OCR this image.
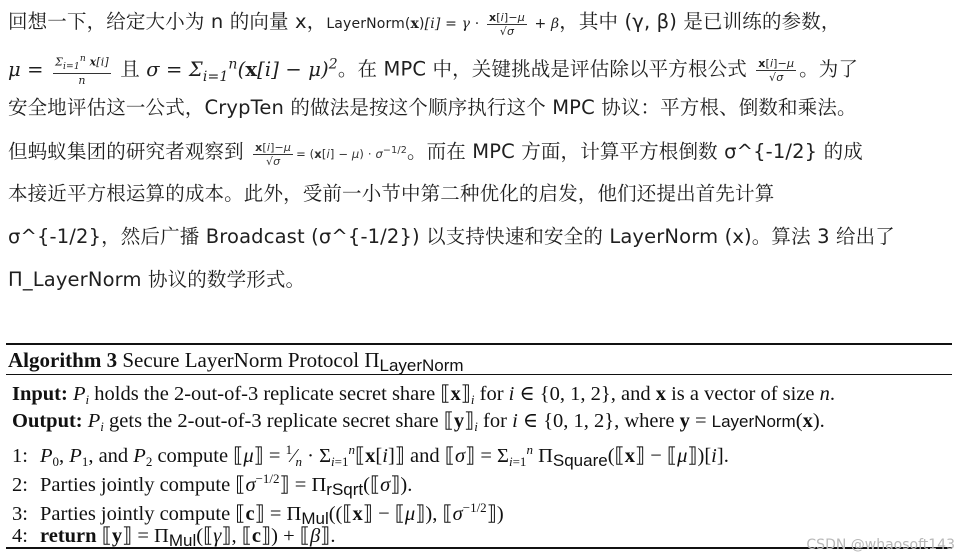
回想一下，给定大小为 n 的向量 x，LayerNorm(x)[i] = $\gamma \cdot \frac{x[i]-\mu}{√\sigma} + \beta$，其中 (γ, β) 是已训练的参数，
$\mu = \frac{\Sigma_{i=1}^n x[i]}{n}$ 且 $\sigma = \Sigma_{i=1}^n(x[i] - \mu)^2$。在 MPC 中，关键挑战是评估除以平方根公式 $\frac{x[i]-\mu}{√\sigma}$ 。为了
安全地评估这一公式，CrypTen 的做法是按这个顺序执行这个 MPC 协议：平方根、倒数和乘法。
但蚂蚁集团的研究者观察到 $\frac{x[i]-\mu}{√\sigma} = (x[i] - \mu) \cdot \sigma^{-1/2}$。而在 MPC 方面，计算平方根倒数 σ^{-1/2} 的成
本接近平方根运算的成本。此外，受前一小节中第二种优化的启发，他们还提出首先计算
σ^{-1/2}，然后广播 Broadcast (σ^{-1/2}) 以支持快速和安全的 LayerNorm (x)。算法 3 给出了
Π_LayerNorm 协议的数学形式。
Algorithm 3 Secure LayerNorm Protocol $\Pi_{LayerNorm}$
Input: $P_i$ holds the 2-out-of-3 replicate secret share $⟦x⟧_i$ for i ∈ {0, 1, 2}, and x is a vector of size n.
Output: $P_i$ gets the 2-out-of-3 replicate secret share $⟦y⟧_i$ for i ∈ {0, 1, 2}, where y = LayerNorm(x).
1: $P_0$, $P_1$, and $P_2$ compute ⟦μ⟧ = $^1⁄_n$ · $\Sigma_{i=1}^n⟦x[i]⟧$ and ⟦σ⟧ = $\Sigma_{i=1}^n$ $\Pi_{Square}(⟦x⟧$ − ⟦μ⟧)[i].
2: Parties jointly compute $⟦\sigma^{-1/2}⟧$ = $\Pi_{rSqrt}(⟦\sigma⟧)$.
3: Parties jointly compute ⟦c⟧ = $\Pi_{Mul}((⟦x⟧$ − ⟦μ⟧), $⟦\sigma^{-1/2}⟧$)
4: return ⟦y⟧ = $\Pi_{Mul}(⟦\gamma⟧$, ⟦c⟧) + ⟦β⟧.	CSDN @whaosoft143
